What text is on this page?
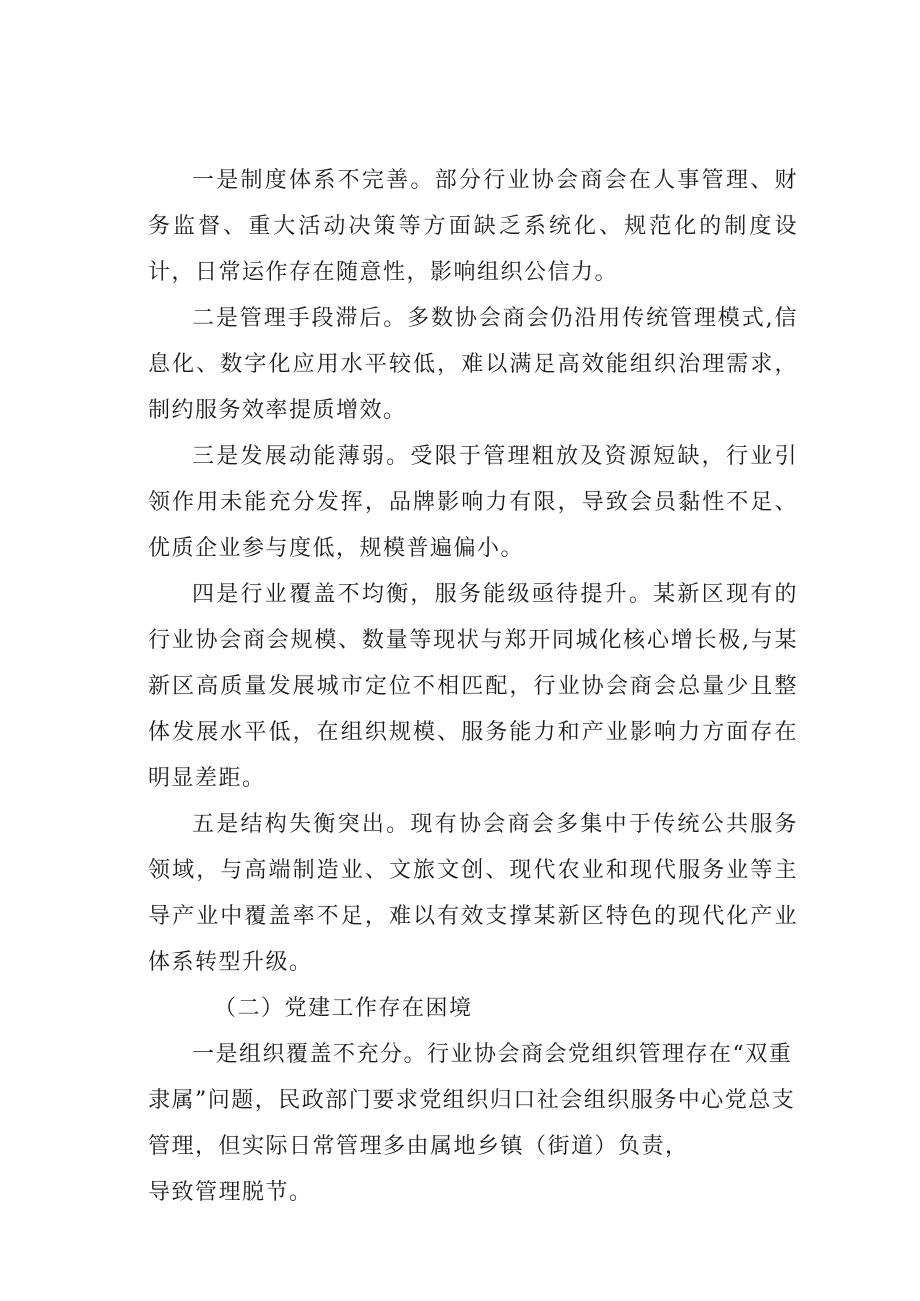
一是制度体系不完善。部分行业协会商会在人事管理、财务监督、重大活动决策等方面缺乏系统化、规范化的制度设计，日常运作存在随意性，影响组织公信力。

二是管理手段滞后。多数协会商会仍沿用传统管理模式,信息化、数字化应用水平较低，难以满足高效能组织治理需求，制约服务效率提质增效。

三是发展动能薄弱。受限于管理粗放及资源短缺，行业引领作用未能充分发挥，品牌影响力有限，导致会员黏性不足、优质企业参与度低，规模普遍偏小。

四是行业覆盖不均衡，服务能级亟待提升。某新区现有的行业协会商会规模、数量等现状与郑开同城化核心增长极,与某新区高质量发展城市定位不相匹配，行业协会商会总量少且整体发展水平低，在组织规模、服务能力和产业影响力方面存在明显差距。

五是结构失衡突出。现有协会商会多集中于传统公共服务领域，与高端制造业、文旅文创、现代农业和现代服务业等主导产业中覆盖率不足，难以有效支撑某新区特色的现代化产业体系转型升级。

（二）党建工作存在困境

一是组织覆盖不充分。行业协会商会党组织管理存在“双重

隶属”问题，民政部门要求党组织归口社会组织服务中心党总支

管理，但实际日常管理多由属地乡镇（街道）负责，

导致管理脱节。
